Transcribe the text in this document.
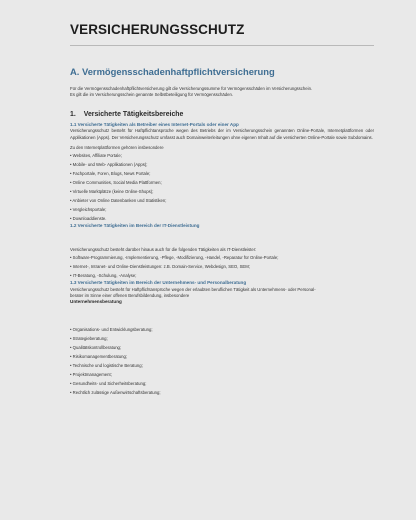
VERSICHERUNGSSCHUTZ
A. Vermögensschadenhaftpflichtversicherung

Für die Vermögensschadenhaftpflichtversicherung gilt die Versicherungssumme für Vermögensschäden im Versicherungsschein.

Es gilt die im Versicherungsschein genannte Selbstbeteiligung für Vermögensschäden.

1. Versicherte Tätigkeitsbereiche
1.1 Versicherte Tätigkeiten als Betreiber eines Internet-Portals oder einer App

Versicherungsschutz besteht für Haftpflichtansprüche wegen des Betriebs der im Versicherungsschein genannten Online-Portale, Internetplattformen oder Applikationen (Apps). Der Versicherungsschutz umfasst auch Domainweiterleitungen ohne eigenen Inhalt auf die versicherten Online-Portale sowie Subdomains.

Zu den Internetplattformen gehören insbesondere

• Websites, Affiliate Portale;
• Mobile- und Web- Applikationen (Apps);
• Fachportale, Foren, Blogs, News Portale;
• Online Communities, Social Media Plattformen;
• Virtuelle Marktplätze (keine Online-Shops);
• Anbieter von Online Datenbanken und Statistiken;
• Vergleichsportale;
• Downloaddienste.
1.2 Versicherte Tätigkeiten im Bereich der IT-Dienstleistung

Versicherungsschutz besteht darüber hinaus auch für die folgenden Tätigkeiten als IT-Dienstleister:

• Software-Programmierung, -Implementierung, -Pflege, -Modifizierung, -Handel, -Reparatur für Online-Portale;
• Internet-, Intranet- und Online-Dienstleistungen: z.B. Domain-Service, Webdesign, SEO, SEM;
• IT-Beratung, -Schulung, -Analyse;
1.3 Versicherte Tätigkeiten im Bereich der Unternehmens- und Personalberatung

Versicherungsschutz besteht für Haftpflichtansprüche wegen der erlaubten beruflichen Tätigkeit als Unternehmens- oder Personal-

berater im Sinne einer offenen Berufsbildendung, insbesondere

Unternehmensberatung
• Organisations- und Entwicklungsberatung;
• Strategieberatung;
• Qualitätskontrollberatung;
• Risikomanagementberatung;
• Technische und logistische Beratung;
• Projektmanagement;
• Gesundheits- und Sicherheitsberatung;
• Rechtlich zulässige Außenwirtschaftsberatung;
